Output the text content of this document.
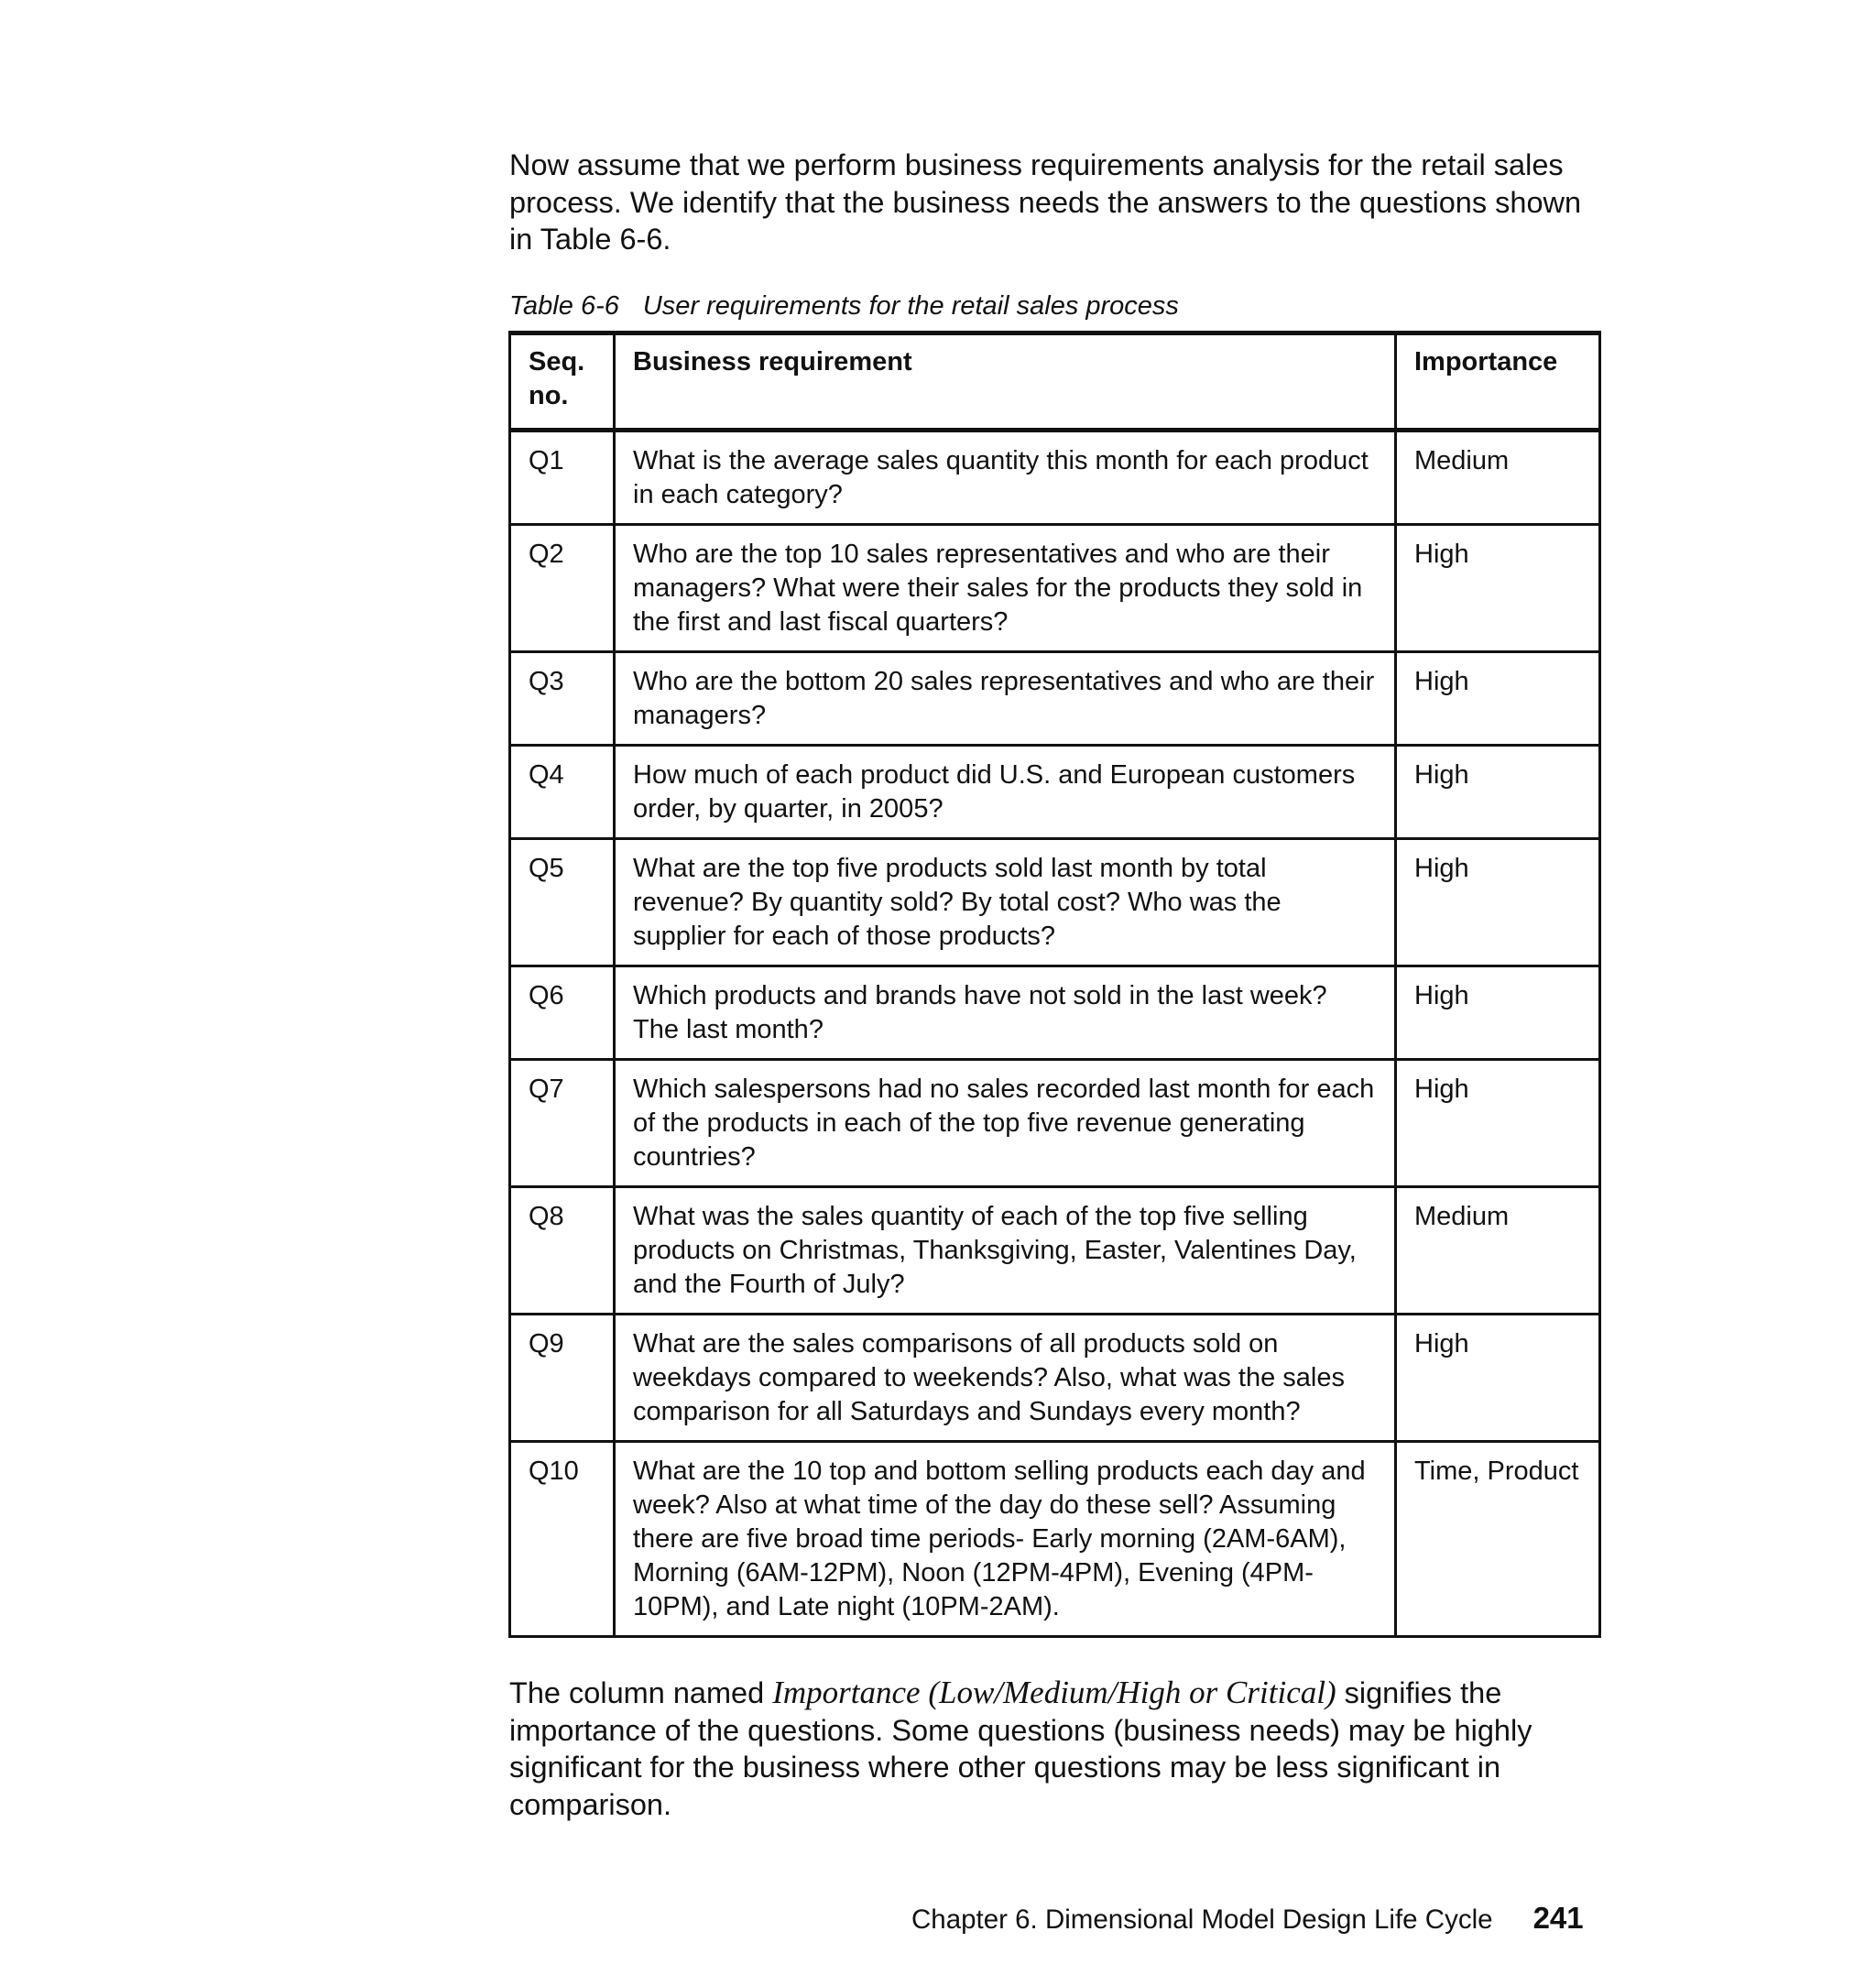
Now assume that we perform business requirements analysis for the retail sales process. We identify that the business needs the answers to the questions shown in Table 6-6.

Table 6-6 User requirements for the retail sales process

Seq. no.	Business requirement	Importance
Q1	What is the average sales quantity this month for each product in each category?	Medium
Q2	Who are the top 10 sales representatives and who are their managers? What were their sales for the products they sold in the first and last fiscal quarters?	High
Q3	Who are the bottom 20 sales representatives and who are their managers?	High
Q4	How much of each product did U.S. and European customers order, by quarter, in 2005?	High
Q5	What are the top five products sold last month by total revenue? By quantity sold? By total cost? Who was the supplier for each of those products?	High
Q6	Which products and brands have not sold in the last week? The last month?	High
Q7	Which salespersons had no sales recorded last month for each of the products in each of the top five revenue generating countries?	High
Q8	What was the sales quantity of each of the top five selling products on Christmas, Thanksgiving, Easter, Valentines Day, and the Fourth of July?	Medium
Q9	What are the sales comparisons of all products sold on weekdays compared to weekends? Also, what was the sales comparison for all Saturdays and Sundays every month?	High
Q10	What are the 10 top and bottom selling products each day and week? Also at what time of the day do these sell? Assuming there are five broad time periods- Early morning (2AM-6AM), Morning (6AM-12PM), Noon (12PM-4PM), Evening (4PM-10PM), and Late night (10PM-2AM).	Time, Product

The column named Importance (Low/Medium/High or Critical) signifies the importance of the questions. Some questions (business needs) may be highly significant for the business where other questions may be less significant in comparison.

Chapter 6. Dimensional Model Design Life Cycle 241
